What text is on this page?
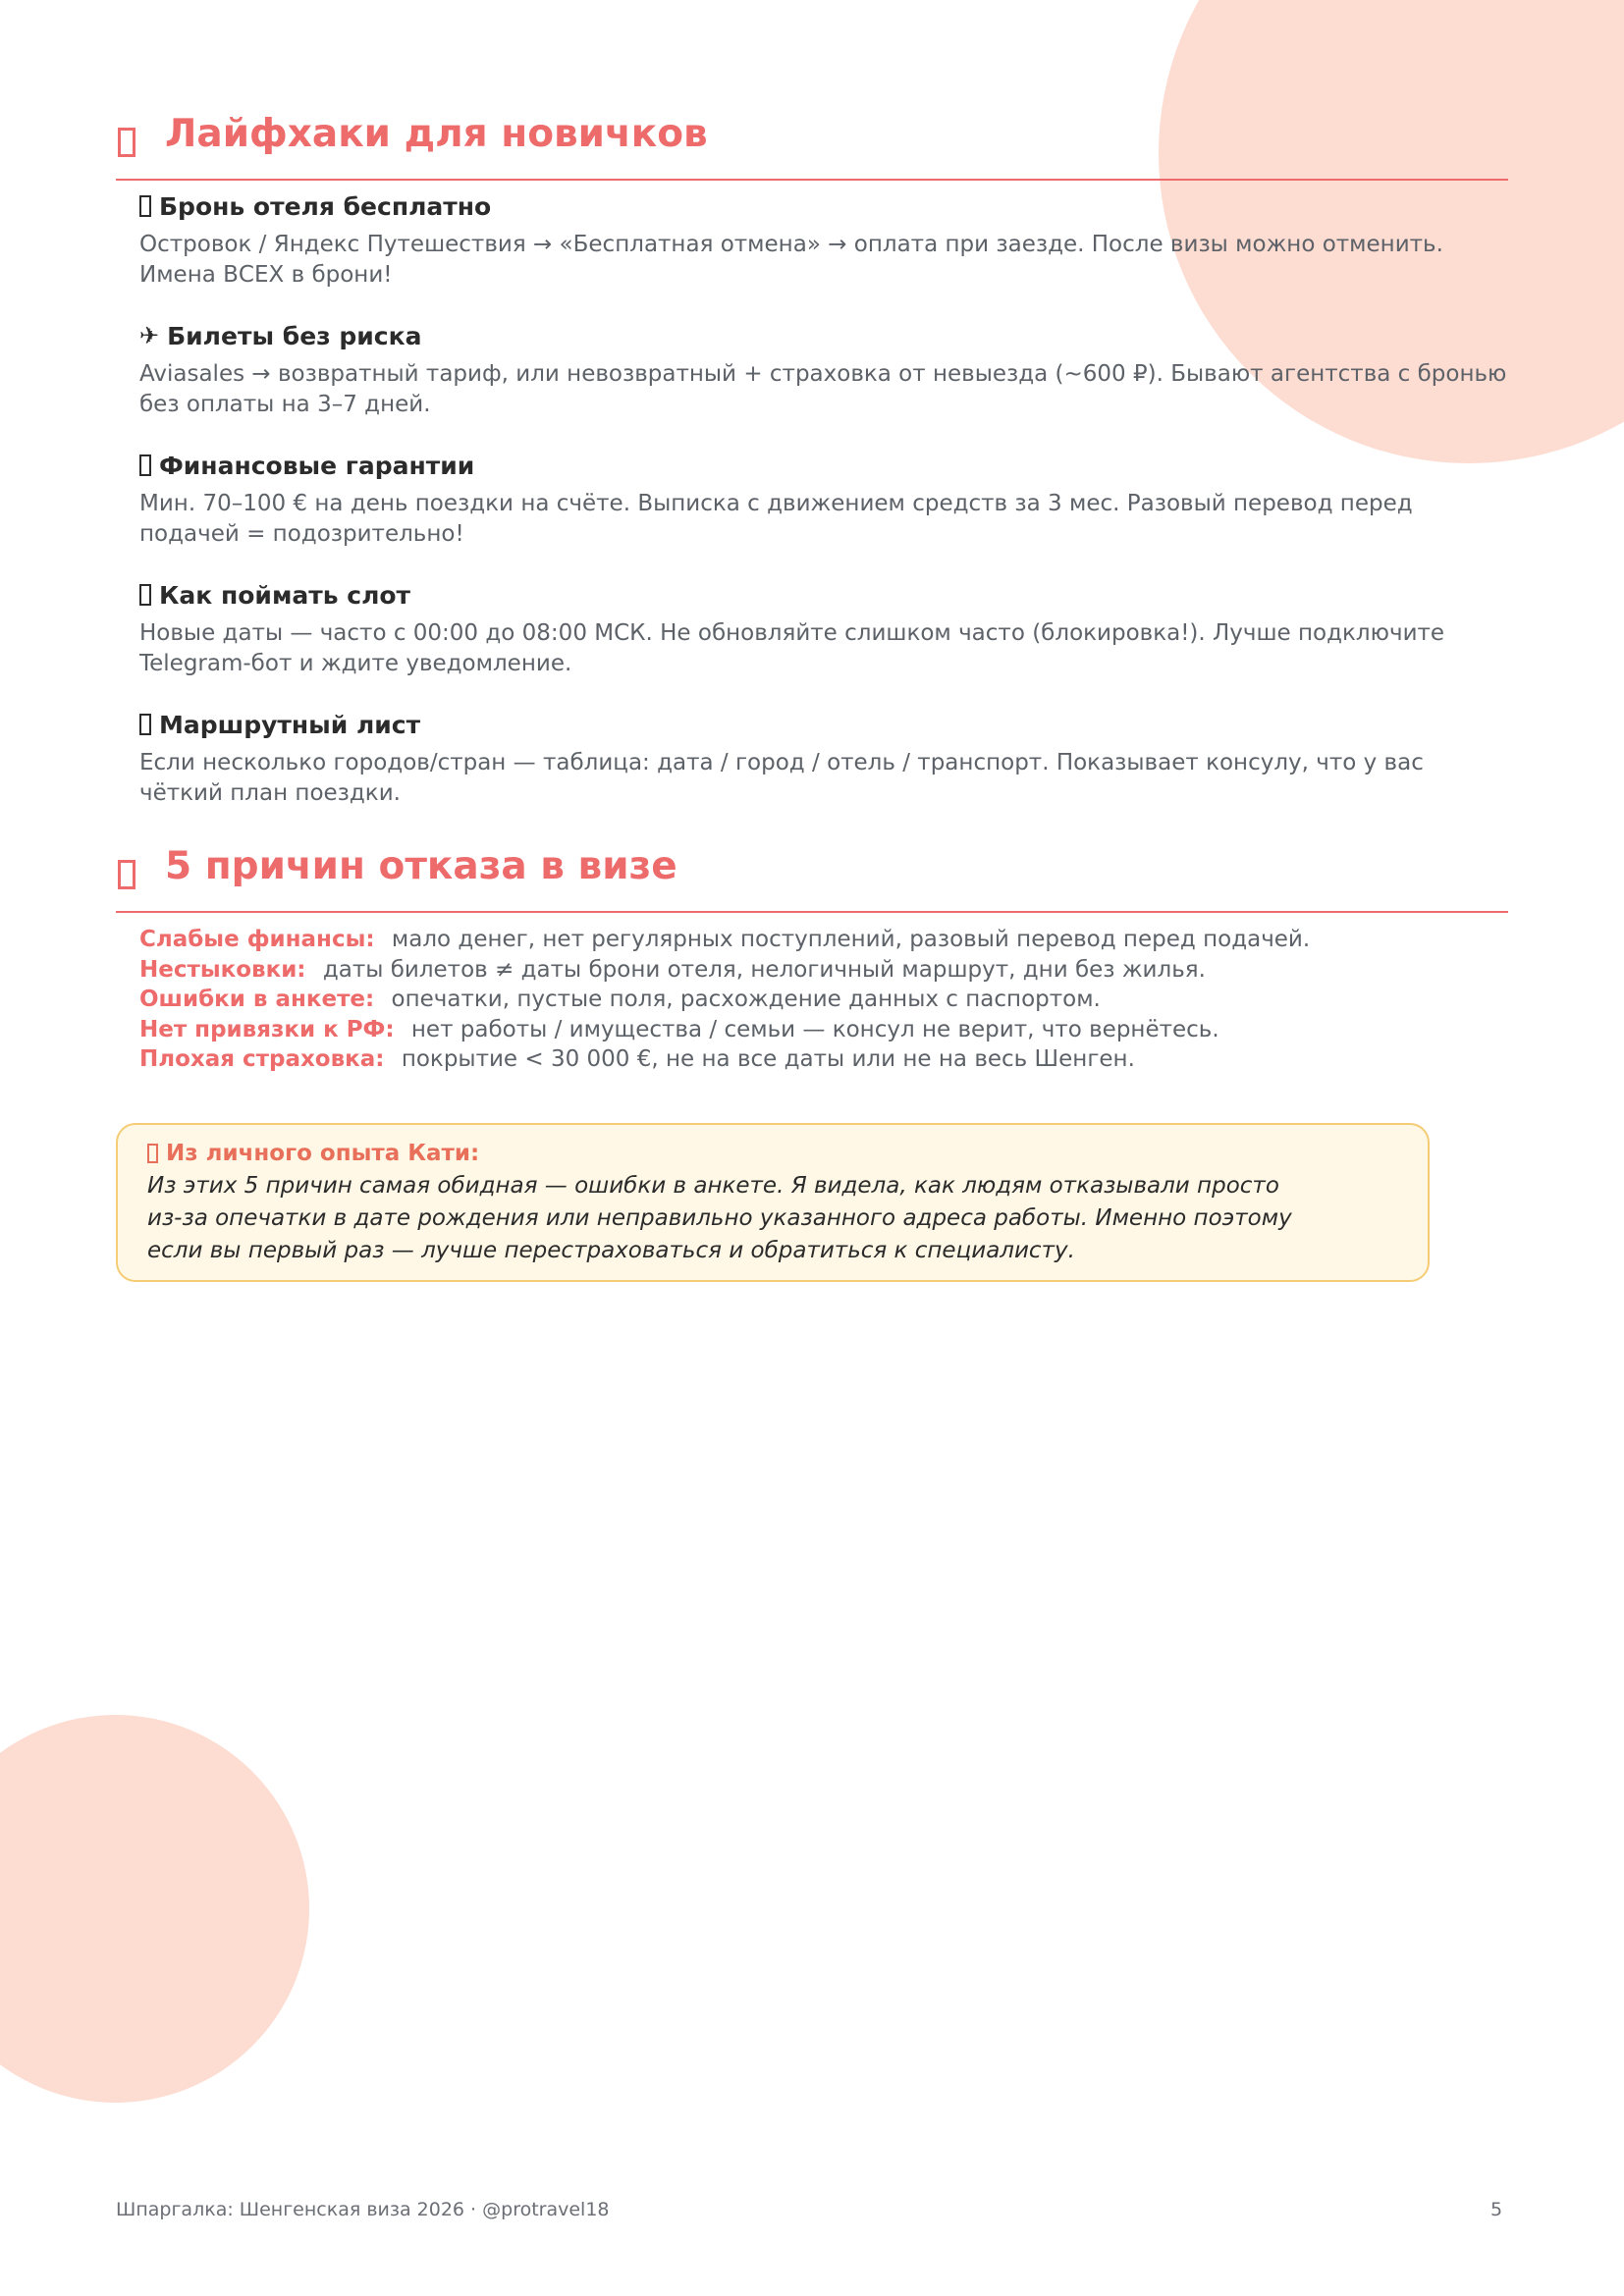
Лайфхаки для новичков
Бронь отеля бесплатно
Островок / Яндекс Путешествия → «Бесплатная отмена» → оплата при заезде. После визы можно отменить. Имена ВСЕХ в брони!
✈ Билеты без риска
Aviasales → возвратный тариф, или невозвратный + страховка от невыезда (~600 ₽). Бывают агентства с бронью без оплаты на 3–7 дней.
Финансовые гарантии
Мин. 70–100 € на день поездки на счёте. Выписка с движением средств за 3 мес. Разовый перевод перед подачей = подозрительно!
Как поймать слот
Новые даты — часто с 00:00 до 08:00 МСК. Не обновляйте слишком часто (блокировка!). Лучше подключите Telegram-бот и ждите уведомление.
Маршрутный лист
Если несколько городов/стран — таблица: дата / город / отель / транспорт. Показывает консулу, что у вас чёткий план поездки.
5 причин отказа в визе
Слабые финансы: мало денег, нет регулярных поступлений, разовый перевод перед подачей.
Нестыковки: даты билетов ≠ даты брони отеля, нелогичный маршрут, дни без жилья.
Ошибки в анкете: опечатки, пустые поля, расхождение данных с паспортом.
Нет привязки к РФ: нет работы / имущества / семьи — консул не верит, что вернётесь.
Плохая страховка: покрытие < 30 000 €, не на все даты или не на весь Шенген.
Из личного опыта Кати:
Из этих 5 причин самая обидная — ошибки в анкете. Я видела, как людям отказывали просто
из-за опечатки в дате рождения или неправильно указанного адреса работы. Именно поэтому
если вы первый раз — лучше перестраховаться и обратиться к специалисту.
Шпаргалка: Шенгенская виза 2026 · @protravel18	5
